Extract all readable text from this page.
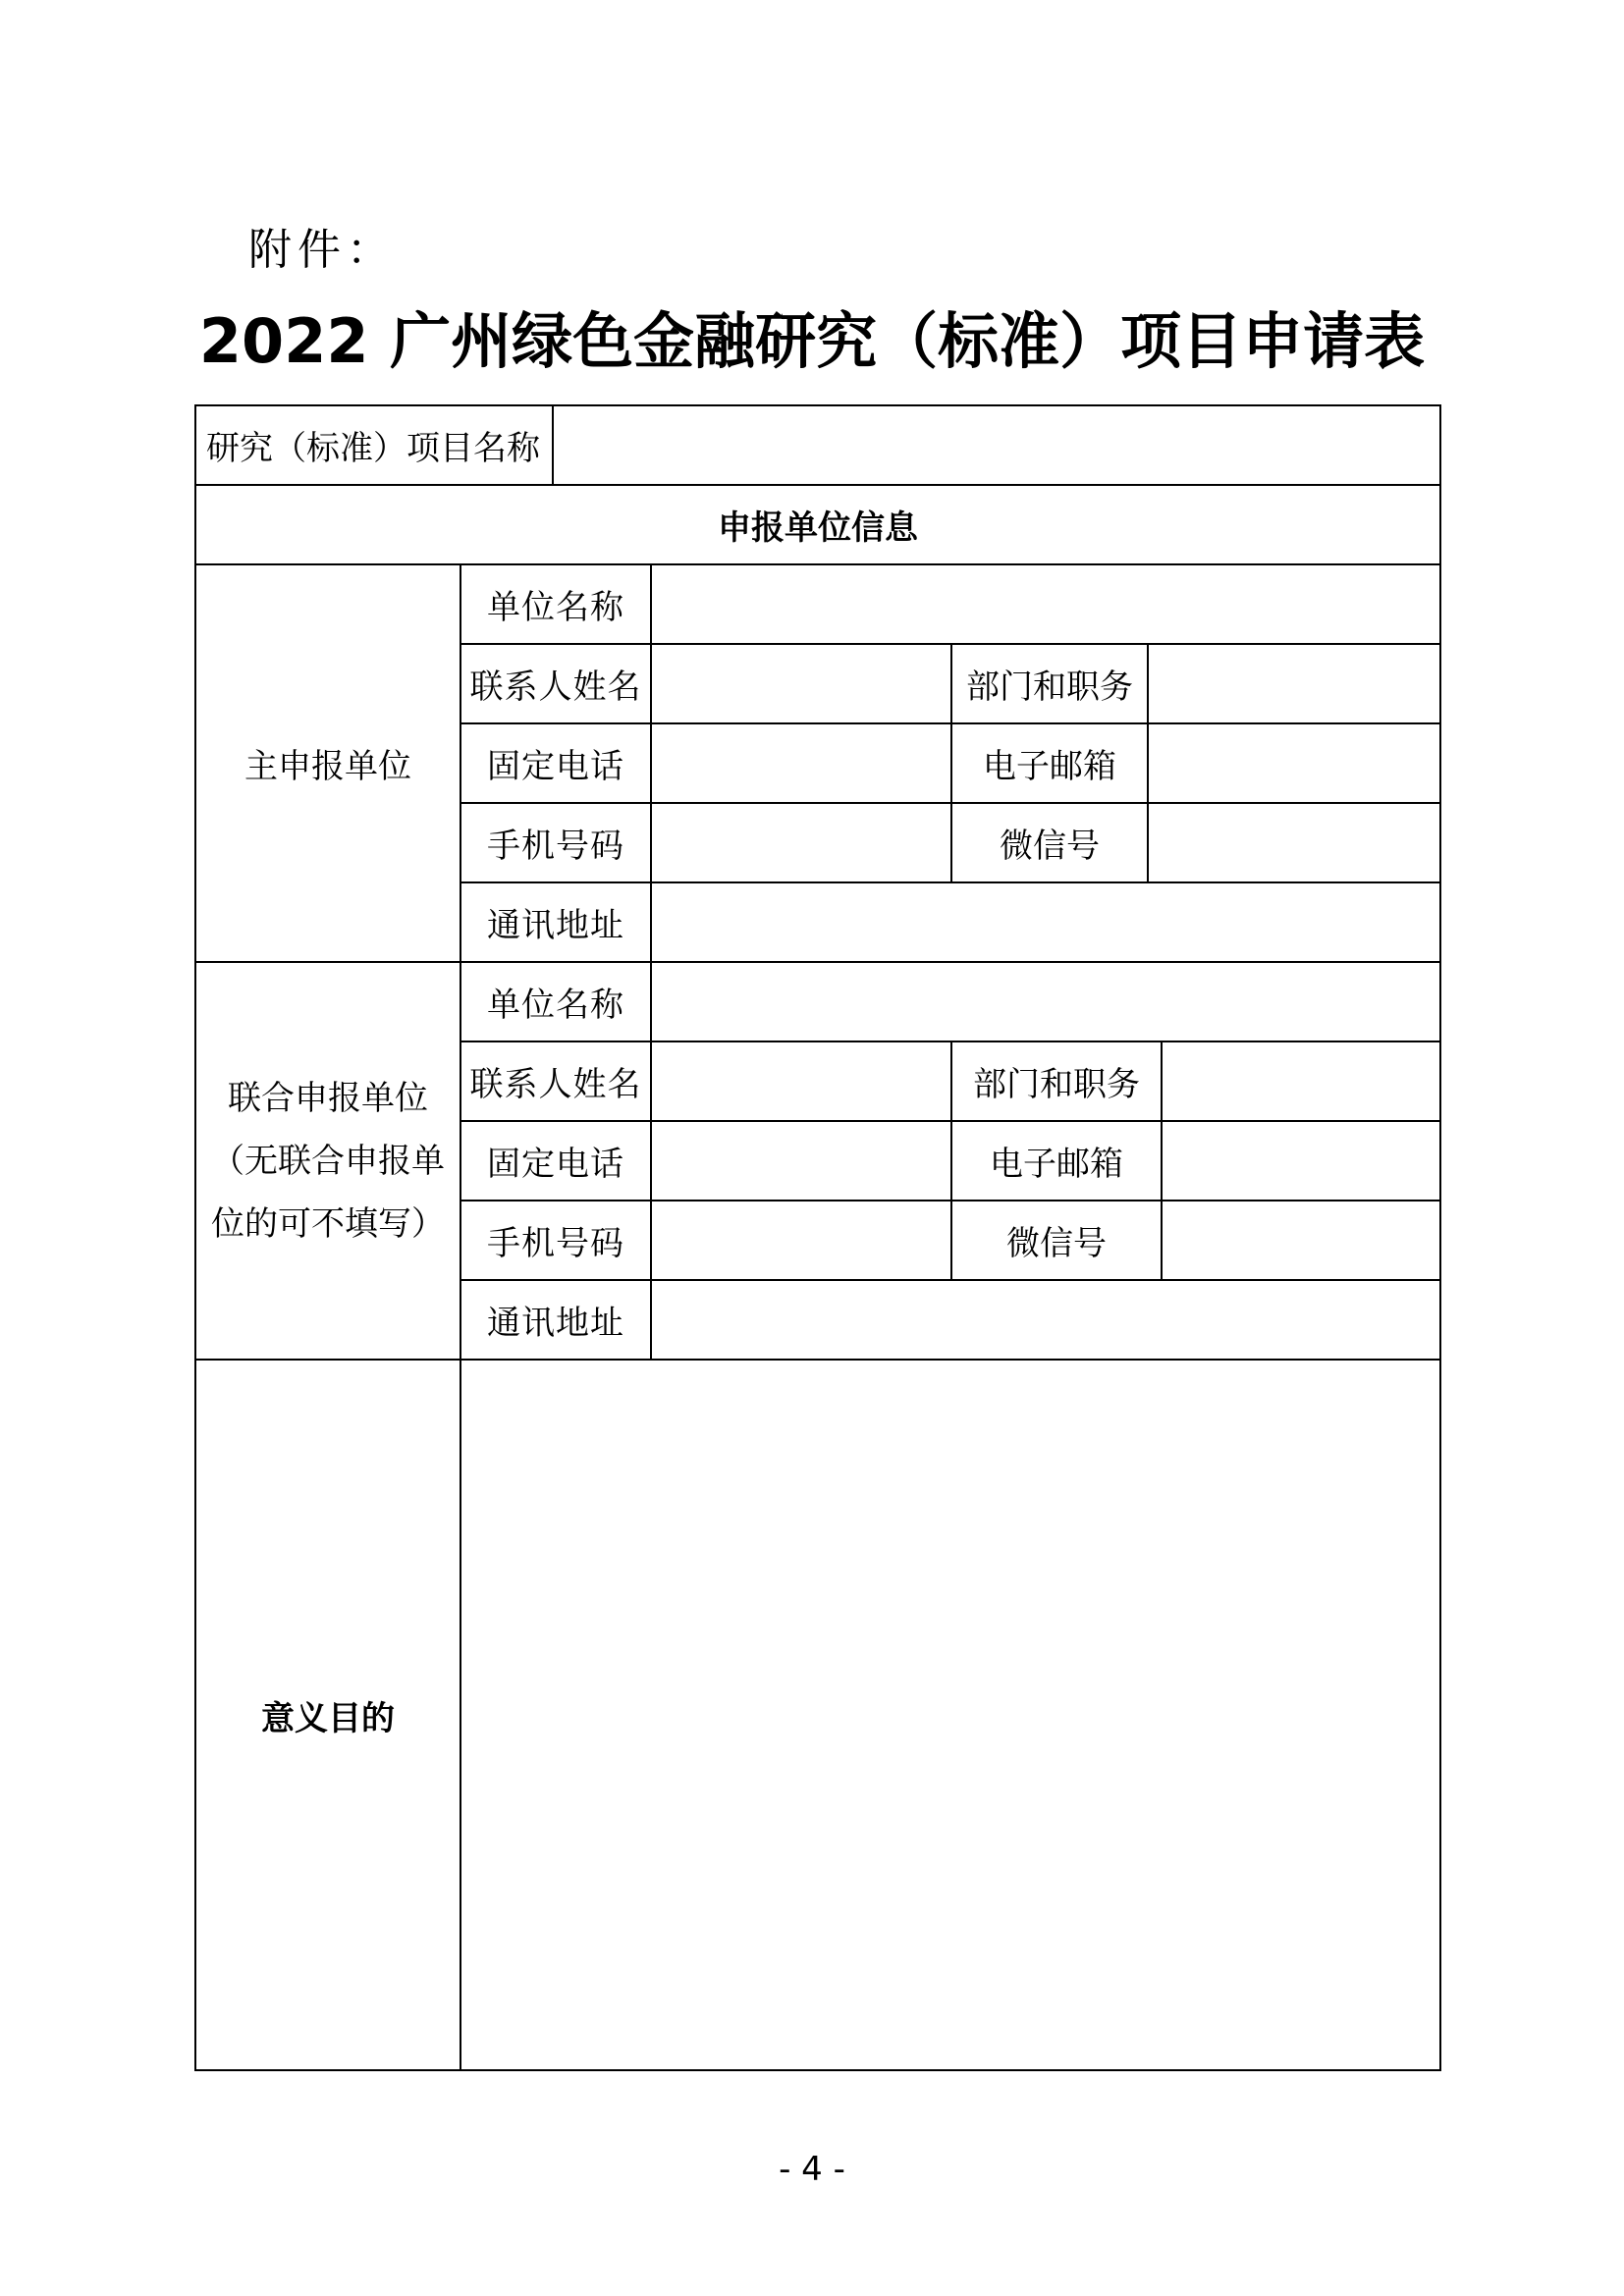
附件：
2022 广州绿色金融研究（标准）项目申请表
研究（标准）项目名称						
申报单位信息						
主申报单位	单位名称					
	联系人姓名			部门和职务		
	固定电话			电子邮箱		
	手机号码			微信号		
	通讯地址					

联合申报单位
（无联合申报单
位的可不填写）	单位名称					
	联系人姓名			部门和职务		
	固定电话			电子邮箱		
	手机号码			微信号		
	通讯地址					
意义目的						
- 4 -
